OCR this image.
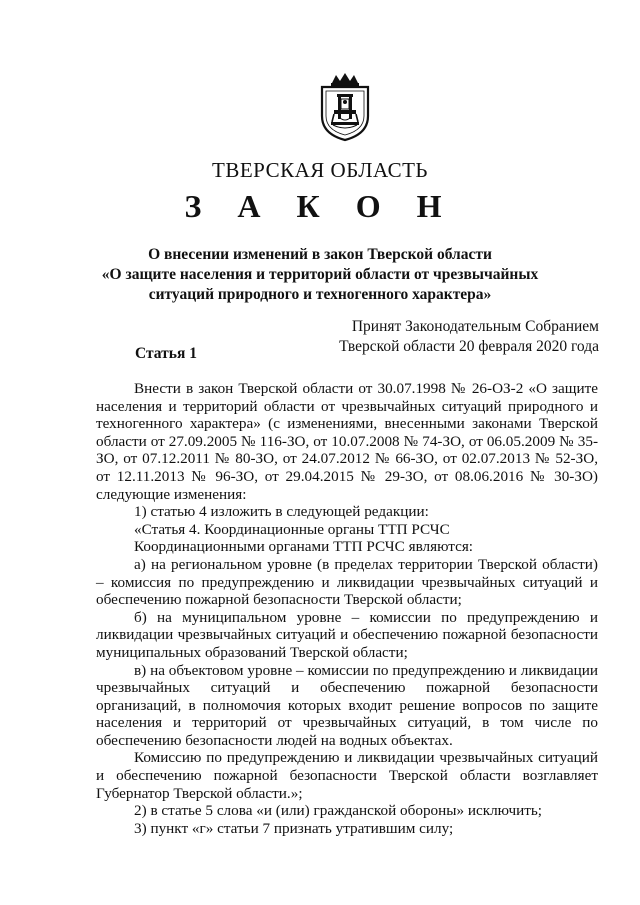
ТВЕРСКАЯ ОБЛАСТЬ
З А К О Н
О внесении изменений в закон Тверской области
«О защите населения и территорий области от чрезвычайных
ситуаций природного и техногенного характера»
Принят Законодательным Собранием
Тверской области 20 февраля 2020 года
Статья 1

Внести в закон Тверской области от 30.07.1998 № 26-ОЗ-2 «О защите населения и территорий области от чрезвычайных ситуаций природного и техногенного характера» (с изменениями, внесенными законами Тверской области от 27.09.2005 № 116-ЗО, от 10.07.2008 № 74-ЗО, от 06.05.2009 № 35-ЗО, от 07.12.2011 № 80-ЗО, от 24.07.2012 № 66-ЗО, от 02.07.2013 № 52-ЗО, от 12.11.2013 № 96-ЗО, от 29.04.2015 № 29-ЗО, от 08.06.2016 № 30-ЗО) следующие изменения:

1) статью 4 изложить в следующей редакции:

«Статья 4. Координационные органы ТТП РСЧС

Координационными органами ТТП РСЧС являются:

а) на региональном уровне (в пределах территории Тверской области) – комиссия по предупреждению и ликвидации чрезвычайных ситуаций и обеспечению пожарной безопасности Тверской области;

б) на муниципальном уровне – комиссии по предупреждению и ликвидации чрезвычайных ситуаций и обеспечению пожарной безопасности муниципальных образований Тверской области;

в) на объектовом уровне – комиссии по предупреждению и ликвидации чрезвычайных ситуаций и обеспечению пожарной безопасности организаций, в полномочия которых входит решение вопросов по защите населения и территорий от чрезвычайных ситуаций, в том числе по обеспечению безопасности людей на водных объектах.

Комиссию по предупреждению и ликвидации чрезвычайных ситуаций и обеспечению пожарной безопасности Тверской области возглавляет Губернатор Тверской области.»;

2) в статье 5 слова «и (или) гражданской обороны» исключить;

3) пункт «г» статьи 7 признать утратившим силу;
